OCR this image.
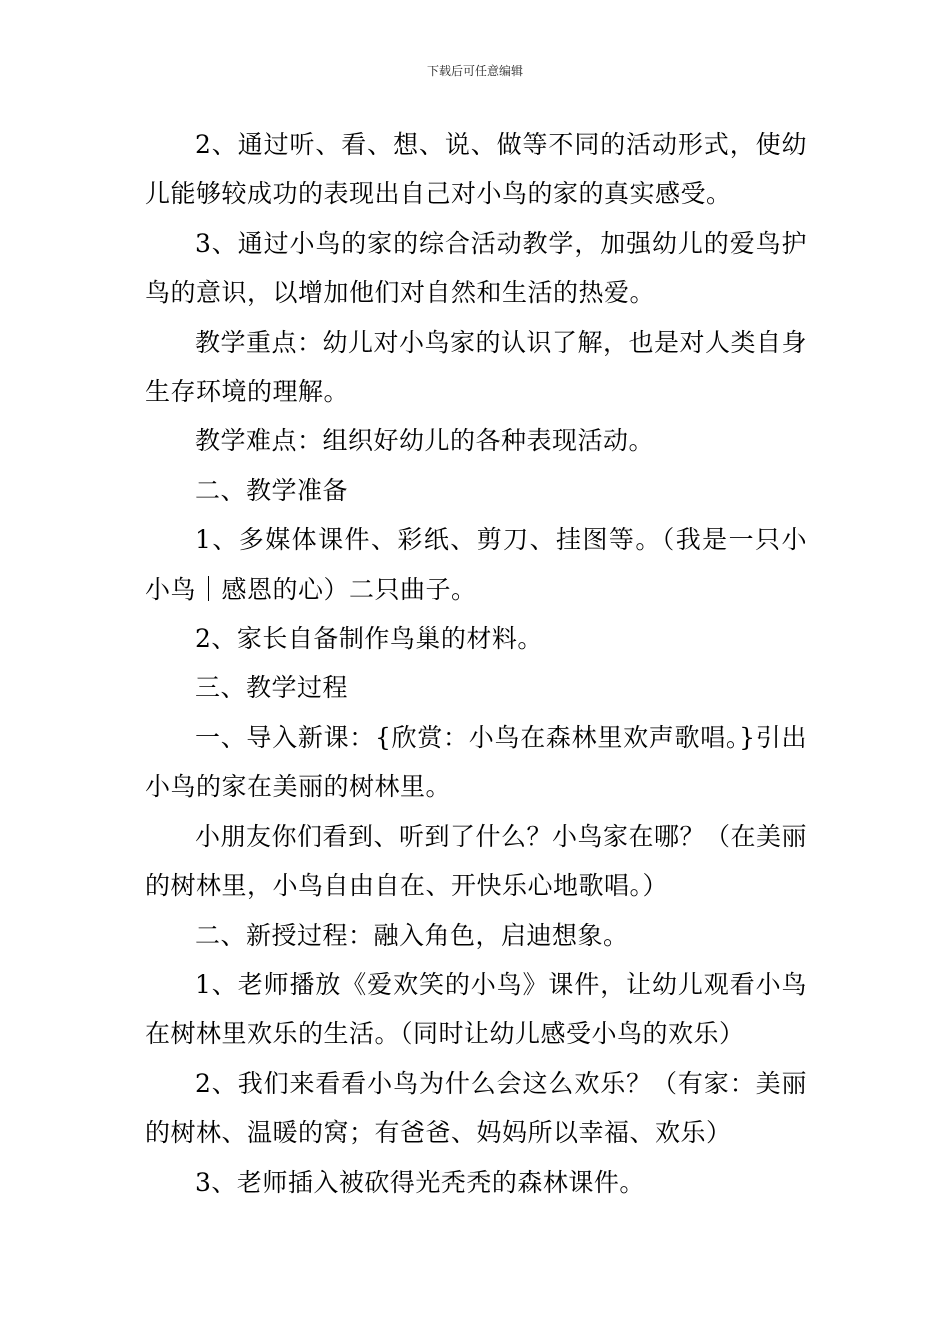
下载后可任意编辑

2、通过听、看、想、说、做等不同的活动形式，使幼儿能够较成功的表现出自己对小鸟的家的真实感受。

3、通过小鸟的家的综合活动教学，加强幼儿的爱鸟护鸟的意识，以增加他们对自然和生活的热爱。

教学重点：幼儿对小鸟家的认识了解，也是对人类自身生存环境的理解。

教学难点：组织好幼儿的各种表现活动。

二、教学准备

1、多媒体课件、彩纸、剪刀、挂图等。（我是一只小小鸟｜感恩的心）二只曲子。

2、家长自备制作鸟巢的材料。

三、教学过程

一、导入新课：{欣赏：小鸟在森林里欢声歌唱。}引出小鸟的家在美丽的树林里。

小朋友你们看到、听到了什么？小鸟家在哪？（在美丽的树林里，小鸟自由自在、开快乐心地歌唱。）

二、新授过程：融入角色，启迪想象。

1、老师播放《爱欢笑的小鸟》课件，让幼儿观看小鸟在树林里欢乐的生活。（同时让幼儿感受小鸟的欢乐）

2、我们来看看小鸟为什么会这么欢乐？（有家：美丽的树林、温暖的窝；有爸爸、妈妈所以幸福、欢乐）

3、老师插入被砍得光秃秃的森林课件。
